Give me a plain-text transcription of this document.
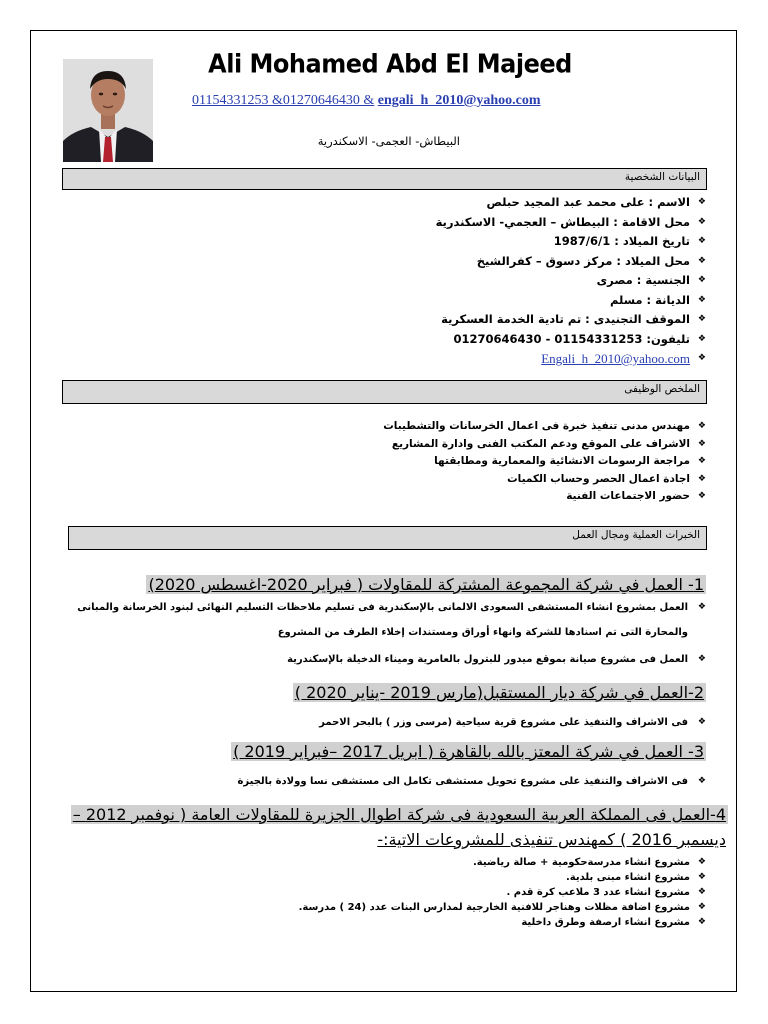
Ali Mohamed Abd El Majeed
01154331253 &01270646430 & engali_h_2010@yahoo.com
البيطاش- العجمى- الاسكندرية
البيانات الشخصية
❖ الاسم : على محمد عبد المجيد حبلص
❖ محل الاقامة : البيطاش – العجمي- الاسكندرية
❖ تاريخ الميلاد : 1987/6/1
❖ محل الميلاد : مركز دسوق – كفرالشيخ
❖ الجنسية : مصرى
❖ الديانة : مسلم
❖ الموقف التجنيدى : تم تادية الخدمة العسكرية
❖ تليفون: 01154331253 - 01270646430
❖ Engali_h_2010@yahoo.com
الملخص الوظيفى
❖ مهندس مدنى تنفيذ خبرة فى اعمال الخرسانات والتشطيبات
❖ الاشراف على الموقع ودعم المكتب الفنى وادارة المشاريع
❖ مراجعة الرسومات الانشائية والمعمارية ومطابقتها
❖ اجادة اعمال الحصر وحساب الكميات
❖ حضور الاجتماعات الفنية
الخبرات العملية ومجال العمل
1- العمل في شركة المجموعة المشتركة للمقاولات ( فبراير 2020-اغسطس 2020)
❖ العمل بمشروع انشاء المستشفى السعودى الالمانى بالإسكندرية فى تسليم ملاحظات التسليم النهائى لبنود الخرسانة والمبانى
والمحارة التى تم اسنادها للشركة وانهاء أوراق ومستندات إخلاء الطرف من المشروع
❖ العمل فى مشروع صيانة بموقع ميدور للبترول بالعامرية وميناء الدخيلة بالإسكندرية
2-العمل في شركة ديار المستقبل(مارس 2019 -يناير 2020 )
❖ فى الاشراف والتنفيذ على مشروع قرية سياحية (مرسى وزر ) بالبحر الاحمر
3- العمل في شركة المعتز بالله بالقاهرة ( ابريل 2017 –فبراير 2019 )
❖ فى الاشراف والتنفيذ على مشروع تحويل مستشفى تكامل الى مستشفى نسا وولادة بالجيزة
4-العمل فى المملكة العربية السعودية فى شركة اطوال الجزيرة للمقاولات العامة ( نوفمبر 2012 –
ديسمبر 2016 ) كمهندس تنفيذى للمشروعات الاتية:-
❖ مشروع انشاء مدرسةحكومية + صالة رياضية.
❖ مشروع انشاء مبنى بلدية.
❖ مشروع انشاء عدد 3 ملاعب كرة قدم .
❖ مشروع اضافة مظلات وهناجر للافنية الخارجية لمدارس البنات عدد (24 ) مدرسة.
❖ مشروع انشاء ارصفة وطرق داخلية
